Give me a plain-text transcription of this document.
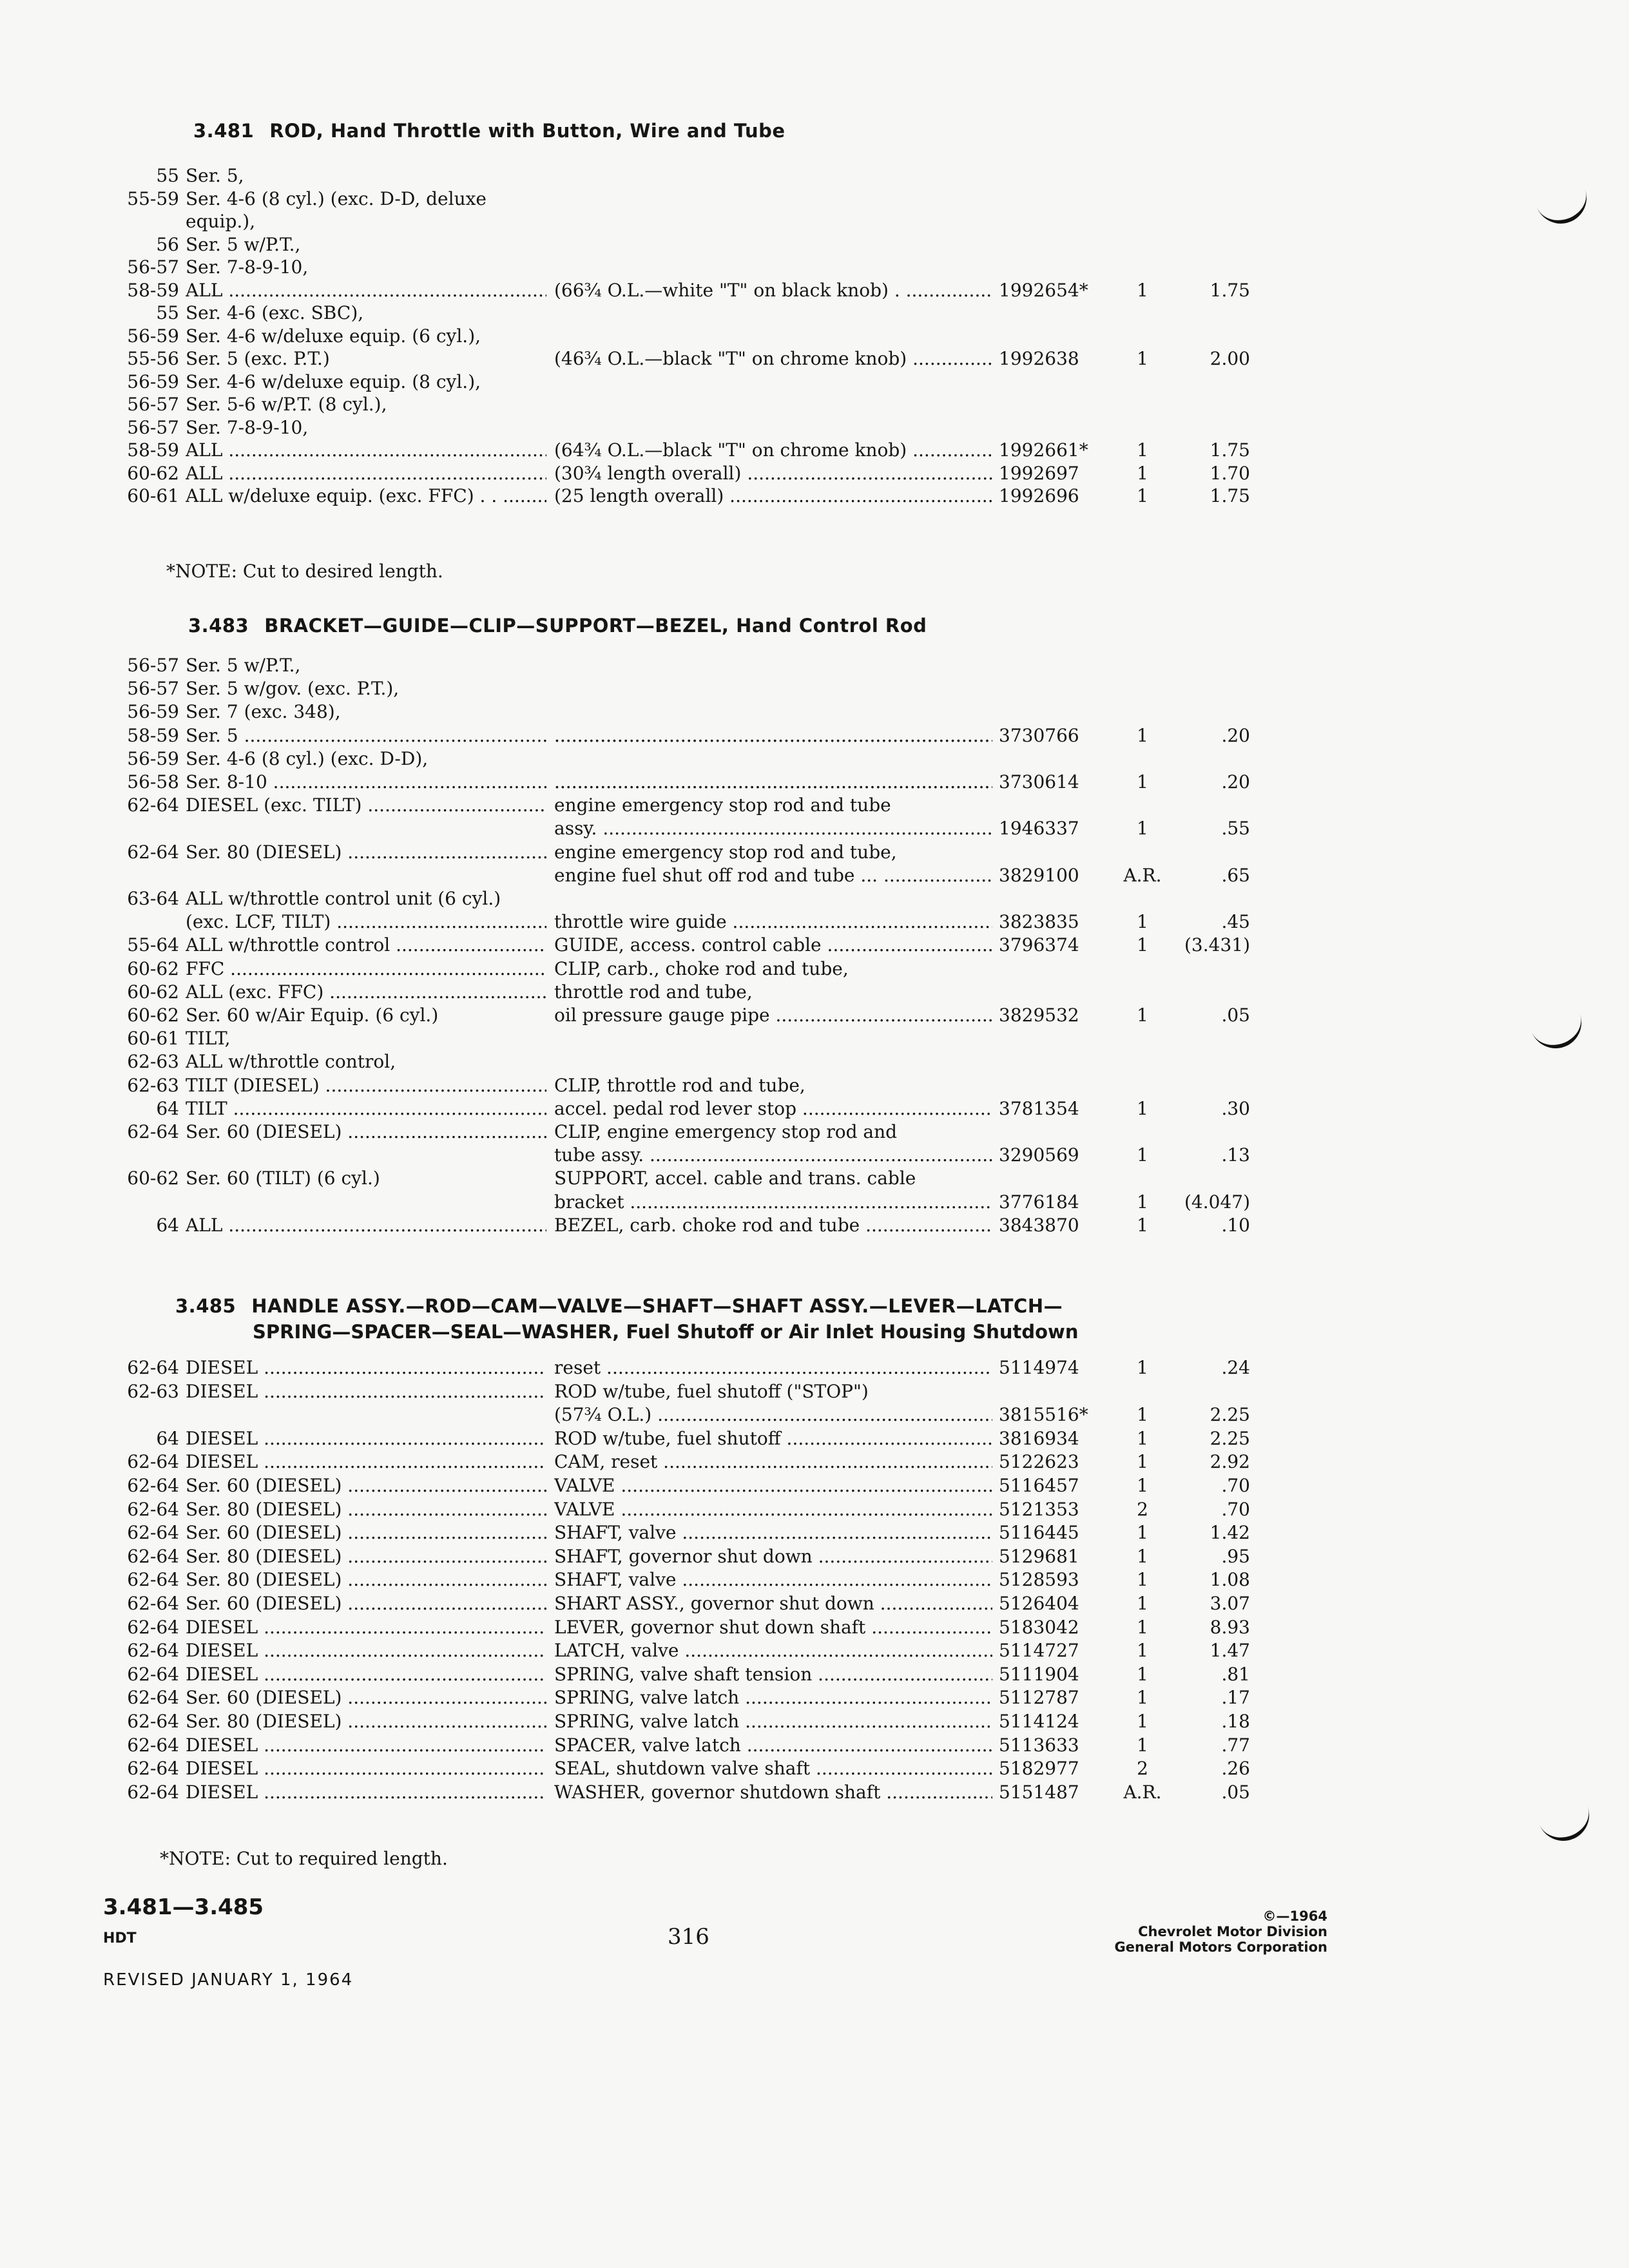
3.481 ROD, Hand Throttle with Button, Wire and Tube
55 Ser. 5,
55-59 Ser. 4-6 (8 cyl.) (exc. D-D, deluxe
equip.),
56 Ser. 5 w/P.T.,
56-57 Ser. 7-8-9-10,
58-59 ALL .....	(66¾ O.L.—white "T" on black knob) . .....	1992654*	1	1.75
55 Ser. 4-6 (exc. SBC),
56-59 Ser. 4-6 w/deluxe equip. (6 cyl.),
55-56 Ser. 5 (exc. P.T.)	(46¾ O.L.—black "T" on chrome knob) .....	1992638	1	2.00
56-59 Ser. 4-6 w/deluxe equip. (8 cyl.),
56-57 Ser. 5-6 w/P.T. (8 cyl.),
56-57 Ser. 7-8-9-10,
58-59 ALL .....	(64¾ O.L.—black "T" on chrome knob) .....	1992661*	1	1.75
60-62 ALL .....	(30¾ length overall) .....	1992697	1	1.70
60-61 ALL w/deluxe equip. (exc. FFC) . . .....	(25 length overall) .....	1992696	1	1.75
*NOTE: Cut to desired length.
3.483 BRACKET—GUIDE—CLIP—SUPPORT—BEZEL, Hand Control Rod
56-57 Ser. 5 w/P.T.,
56-57 Ser. 5 w/gov. (exc. P.T.),
56-59 Ser. 7 (exc. 348),
58-59 Ser. 5 ..... .....	3730766	1	.20
.....
56-59 Ser. 4-6 (8 cyl.) (exc. D-D),
56-58 Ser. 8-10 ..... .....	3730614	1	.20
.....
62-64 DIESEL (exc. TILT) .....	engine emergency stop rod and tube
assy. .....	1946337	1	.55
62-64 Ser. 80 (DIESEL) .....	engine emergency stop rod and tube,
engine fuel shut off rod and tube ... .....	3829100	A.R.	.65
63-64 ALL w/throttle control unit (6 cyl.)
(exc. LCF, TILT) .....	throttle wire guide .....	3823835	1	.45
55-64 ALL w/throttle control .....	GUIDE, access. control cable .....	3796374	1	(3.431)
60-62 FFC .....	CLIP, carb., choke rod and tube,
60-62 ALL (exc. FFC) .....	throttle rod and tube,
60-62 Ser. 60 w/Air Equip. (6 cyl.)	oil pressure gauge pipe .....	3829532	1	.05
60-61 TILT,
62-63 ALL w/throttle control,
62-63 TILT (DIESEL) .....	CLIP, throttle rod and tube,
64 TILT .....	accel. pedal rod lever stop .....	3781354	1	.30
62-64 Ser. 60 (DIESEL) .....	CLIP, engine emergency stop rod and
tube assy. .....	3290569	1	.13
60-62 Ser. 60 (TILT) (6 cyl.)	SUPPORT, accel. cable and trans. cable
bracket .....	3776184	1	(4.047)
64 ALL .....	BEZEL, carb. choke rod and tube .....	3843870	1	.10
3.485 HANDLE ASSY.—ROD—CAM—VALVE—SHAFT—SHAFT ASSY.—LEVER—LATCH—
SPRING—SPACER—SEAL—WASHER, Fuel Shutoff or Air Inlet Housing Shutdown
62-64 DIESEL .....	reset .....	5114974	1	.24
62-63 DIESEL .....	ROD w/tube, fuel shutoff ("STOP")
(57¾ O.L.) .....	3815516*	1	2.25
64 DIESEL .....	ROD w/tube, fuel shutoff .....	3816934	1	2.25
62-64 DIESEL .....	CAM, reset .....	5122623	1	2.92
62-64 Ser. 60 (DIESEL) .....	VALVE .....	5116457	1	.70
62-64 Ser. 80 (DIESEL) .....	VALVE .....	5121353	2	.70
62-64 Ser. 60 (DIESEL) .....	SHAFT, valve .....	5116445	1	1.42
62-64 Ser. 80 (DIESEL) .....	SHAFT, governor shut down .....	5129681	1	.95
62-64 Ser. 80 (DIESEL) .....	SHAFT, valve .....	5128593	1	1.08
62-64 Ser. 60 (DIESEL) .....	SHART ASSY., governor shut down .....	5126404	1	3.07
62-64 DIESEL .....	LEVER, governor shut down shaft .....	5183042	1	8.93
62-64 DIESEL .....	LATCH, valve .....	5114727	1	1.47
62-64 DIESEL .....	SPRING, valve shaft tension .....	5111904	1	.81
62-64 Ser. 60 (DIESEL) .....	SPRING, valve latch .....	5112787	1	.17
62-64 Ser. 80 (DIESEL) .....	SPRING, valve latch .....	5114124	1	.18
62-64 DIESEL .....	SPACER, valve latch .....	5113633	1	.77
62-64 DIESEL .....	SEAL, shutdown valve shaft .....	5182977	2	.26
62-64 DIESEL .....	WASHER, governor shutdown shaft .....	5151487	A.R.	.05
*NOTE: Cut to required length.
3.481—3.485
HDT	316
REVISED JANUARY 1, 1964
©—1964
Chevrolet Motor Division
General Motors Corporation
